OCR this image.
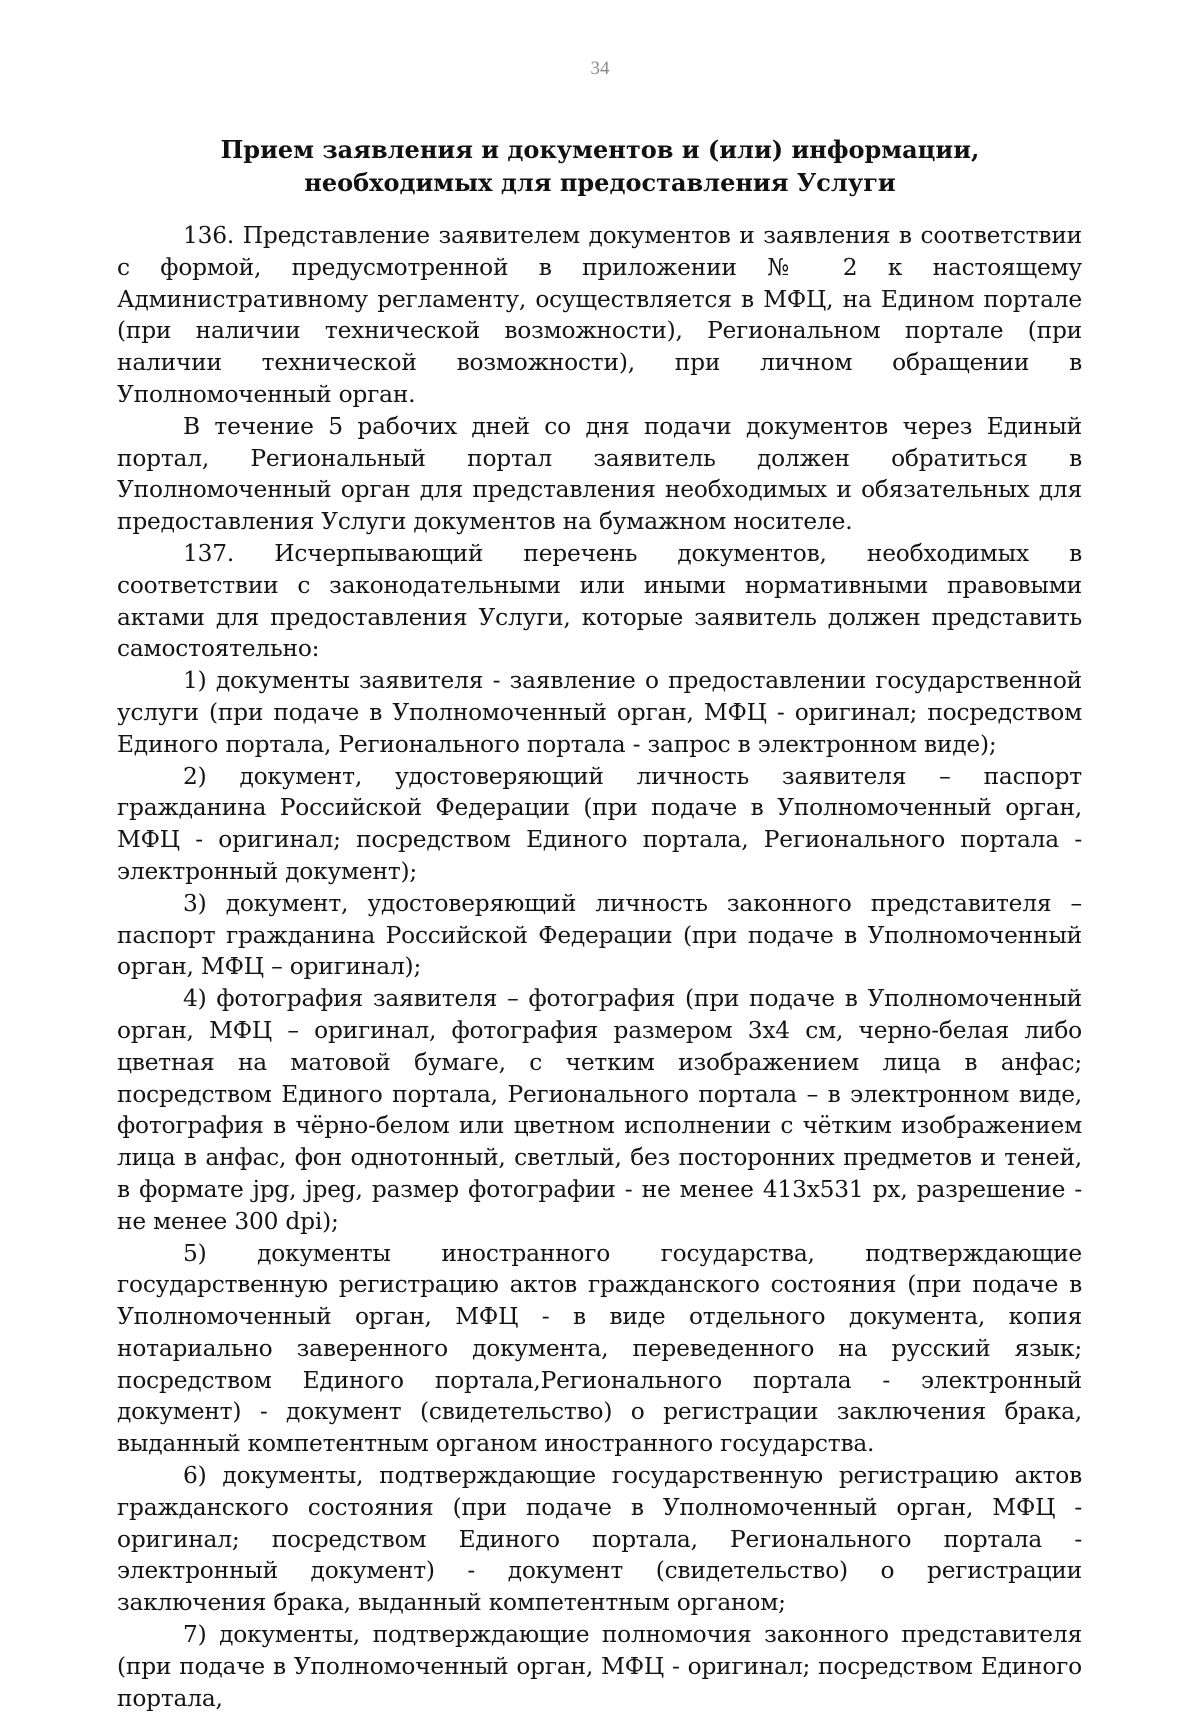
34
Прием заявления и документов и (или) информации, необходимых для предоставления Услуги

136. Представление заявителем документов и заявления в соответствии с формой, предусмотренной в приложении № 2 к настоящему Административному регламенту, осуществляется в МФЦ, на Едином портале (при наличии технической возможности), Региональном портале (при наличии технической возможности), при личном обращении в Уполномоченный орган.

В течение 5 рабочих дней со дня подачи документов через Единый портал, Региональный портал заявитель должен обратиться в Уполномоченный орган для представления необходимых и обязательных для предоставления Услуги документов на бумажном носителе.

137. Исчерпывающий перечень документов, необходимых в соответствии с законодательными или иными нормативными правовыми актами для предоставления Услуги, которые заявитель должен представить самостоятельно:

1) документы заявителя - заявление о предоставлении государственной услуги (при подаче в Уполномоченный орган, МФЦ - оригинал; посредством Единого портала, Регионального портала - запрос в электронном виде);

2) документ, удостоверяющий личность заявителя – паспорт гражданина Российской Федерации (при подаче в Уполномоченный орган, МФЦ - оригинал; посредством Единого портала, Регионального портала - электронный документ);

3) документ, удостоверяющий личность законного представителя – паспорт гражданина Российской Федерации (при подаче в Уполномоченный орган, МФЦ – оригинал);

4) фотография заявителя – фотография (при подаче в Уполномоченный орган, МФЦ – оригинал, фотография размером 3х4 см, черно-белая либо цветная на матовой бумаге, с четким изображением лица в анфас; посредством Единого портала, Регионального портала – в электронном виде, фотография в чёрно-белом или цветном исполнении с чётким изображением лица в анфас, фон однотонный, светлый, без посторонних предметов и теней, в формате jpg, jpeg, размер фотографии - не менее 413х531 px, разрешение - не менее 300 dpi);

5) документы иностранного государства, подтверждающие государственную регистрацию актов гражданского состояния (при подаче в Уполномоченный орган, МФЦ - в виде отдельного документа, копия нотариально заверенного документа, переведенного на русский язык; посредством Единого портала,Регионального портала - электронный документ) - документ (свидетельство) о регистрации заключения брака, выданный компетентным органом иностранного государства.

6) документы, подтверждающие государственную регистрацию актов гражданского состояния (при подаче в Уполномоченный орган, МФЦ - оригинал; посредством Единого портала, Регионального портала - электронный документ) - документ (свидетельство) о регистрации заключения брака, выданный компетентным органом;

7) документы, подтверждающие полномочия законного представителя (при подаче в Уполномоченный орган, МФЦ - оригинал; посредством Единого портала,
